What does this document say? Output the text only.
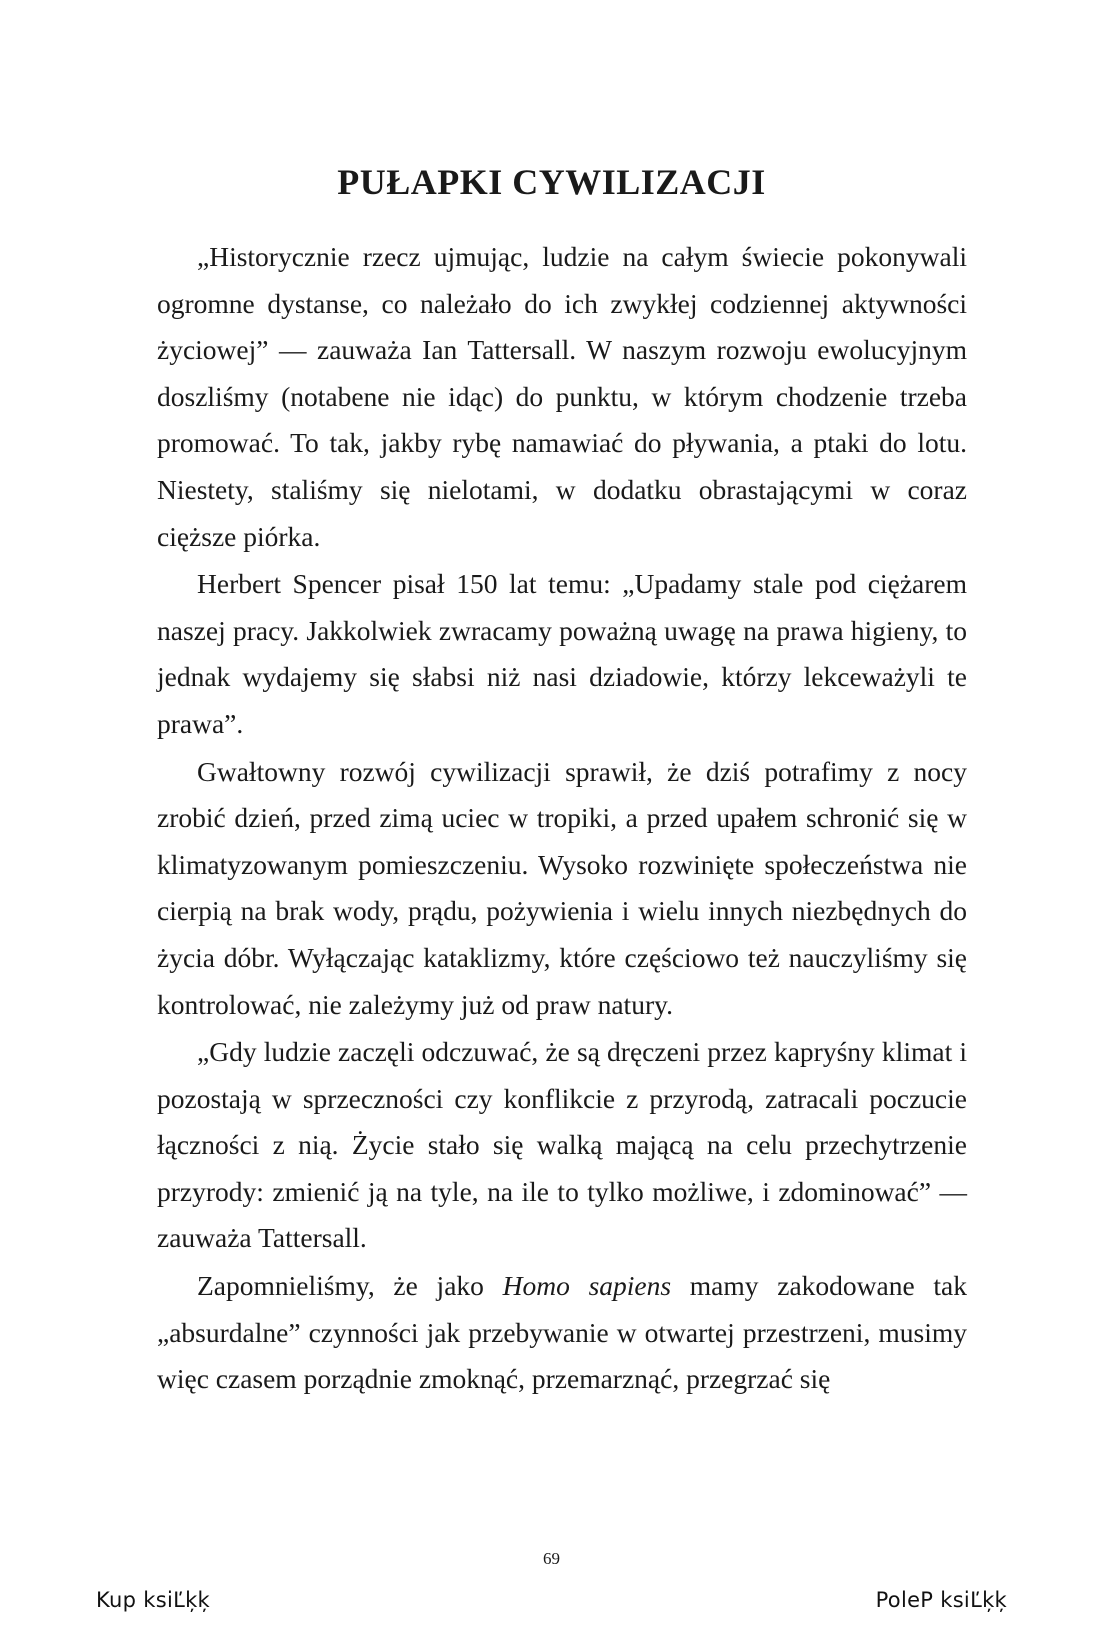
PUŁAPKI CYWILIZACJI

„Historycznie rzecz ujmując, ludzie na całym świecie pokonywali ogromne dystanse, co należało do ich zwykłej codziennej aktywności życiowej” — zauważa Ian Tattersall. W naszym rozwoju ewolucyjnym doszliśmy (notabene nie idąc) do punktu, w którym chodzenie trzeba promować. To tak, jakby rybę namawiać do pływania, a ptaki do lotu. Niestety, staliśmy się nielotami, w dodatku obrastającymi w coraz cięższe piórka.

Herbert Spencer pisał 150 lat temu: „Upadamy stale pod ciężarem naszej pracy. Jakkolwiek zwracamy poważną uwagę na prawa higieny, to jednak wydajemy się słabsi niż nasi dziadowie, którzy lekceważyli te prawa”.

Gwałtowny rozwój cywilizacji sprawił, że dziś potrafimy z nocy zrobić dzień, przed zimą uciec w tropiki, a przed upałem schronić się w klimatyzowanym pomieszczeniu. Wysoko rozwinięte społeczeństwa nie cierpią na brak wody, prądu, pożywienia i wielu innych niezbędnych do życia dóbr. Wyłączając kataklizmy, które częściowo też nauczyliśmy się kontrolować, nie zależymy już od praw natury.

„Gdy ludzie zaczęli odczuwać, że są dręczeni przez kapryśny klimat i pozostają w sprzeczności czy konflikcie z przyrodą, zatracali poczucie łączności z nią. Życie stało się walką mającą na celu przechytrzenie przyrody: zmienić ją na tyle, na ile to tylko możliwe, i zdominować” — zauważa Tattersall.

Zapomnieliśmy, że jako Homo sapiens mamy zakodowane tak „absurdalne” czynności jak przebywanie w otwartej przestrzeni, musimy więc czasem porządnie zmoknąć, przemarznąć, przegrzać się

69
Kup ksiĽķķ	PoleP ksiĽķķ
